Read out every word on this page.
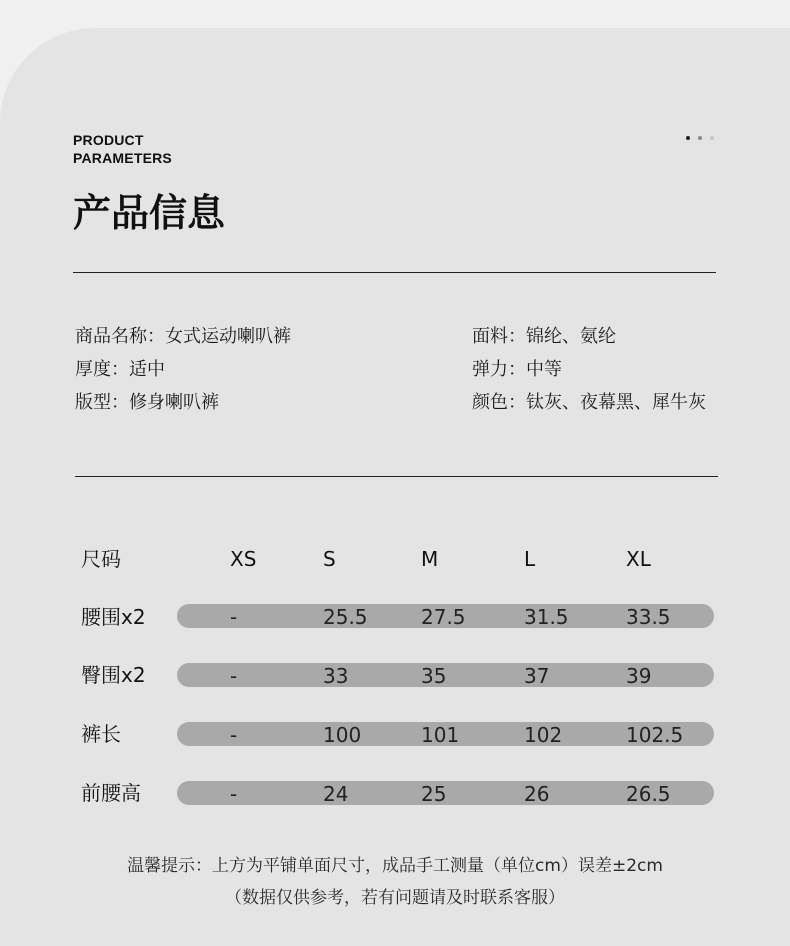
PRODUCT
PARAMETERS
产品信息
商品名称：女式运动喇叭裤
厚度：适中
版型：修身喇叭裤
面料：锦纶、氨纶
弹力：中等
颜色：钛灰、夜幕黑、犀牛灰
尺码	XS	S	M	L	XL
腰围x2	-	25.5	27.5	31.5	33.5
臀围x2	-	33	35	37	39
裤长	-	100	101	102	102.5
前腰高	-	24	25	26	26.5
温馨提示：上方为平铺单面尺寸，成品手工测量（单位cm）误差±2cm
（数据仅供参考，若有问题请及时联系客服）
